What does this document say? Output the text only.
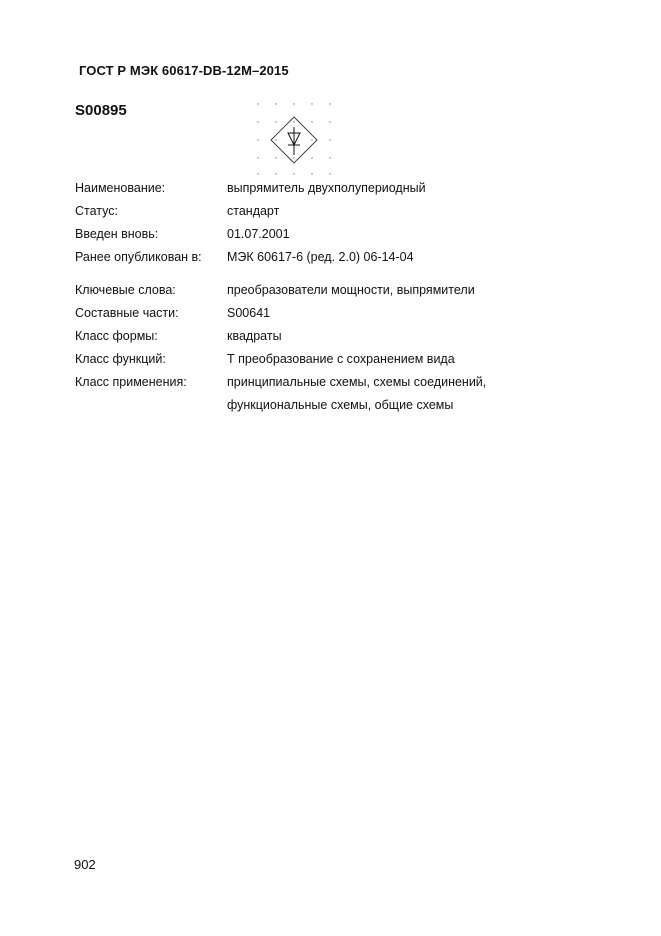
ГОСТ Р МЭК 60617-DB-12M–2015
S00895
Наименование:	выпрямитель двухполупериодный
Статус:	стандарт
Введен вновь:	01.07.2001
Ранее опубликован в: МЭК 60617-6 (ред. 2.0) 06-14-04
Ключевые слова:	преобразователи мощности, выпрямители
Составные части:	S00641
Класс формы:	квадраты
Класс функций:	Т преобразование с сохранением вида
Класс применения:	принципиальные схемы, схемы соединений,
функциональные схемы, общие схемы
902
